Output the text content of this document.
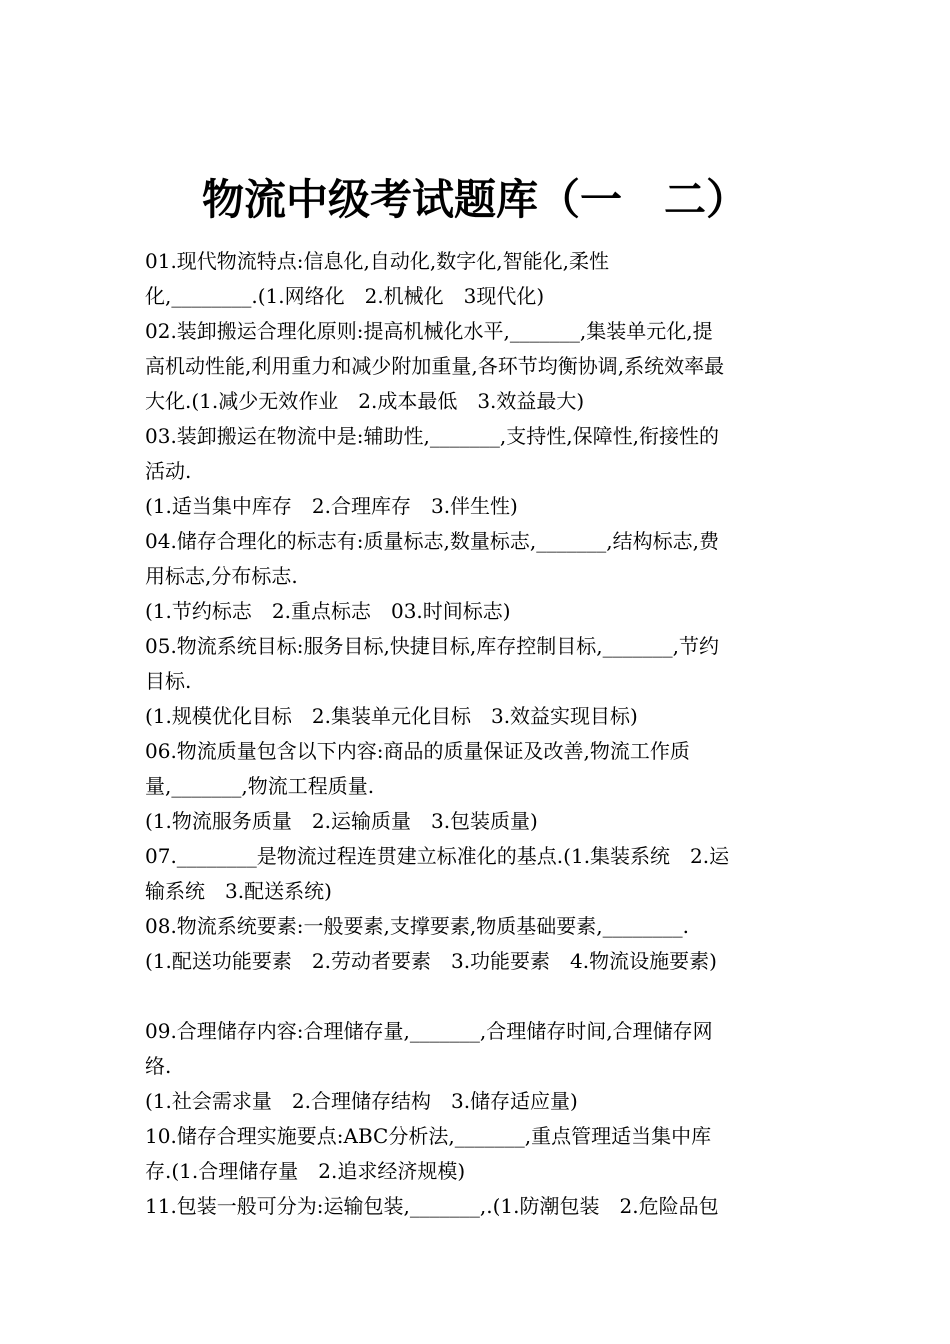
物流中级考试题库（一　二）
01.现代物流特点:信息化,自动化,数字化,智能化,柔性
化,________.(1.网络化　2.机械化　3现代化)
02.装卸搬运合理化原则:提高机械化水平,_______,集装单元化,提
高机动性能,利用重力和减少附加重量,各环节均衡协调,系统效率最
大化.(1.减少无效作业　2.成本最低　3.效益最大)
03.装卸搬运在物流中是:辅助性,_______,支持性,保障性,衔接性的
活动.
(1.适当集中库存　2.合理库存　3.伴生性)
04.储存合理化的标志有:质量标志,数量标志,_______,结构标志,费
用标志,分布标志.
(1.节约标志　2.重点标志　03.时间标志)
05.物流系统目标:服务目标,快捷目标,库存控制目标,_______,节约
目标.
(1.规模优化目标　2.集装单元化目标　3.效益实现目标)
06.物流质量包含以下内容:商品的质量保证及改善,物流工作质
量,_______,物流工程质量.
(1.物流服务质量　2.运输质量　3.包装质量)
07.________是物流过程连贯建立标准化的基点.(1.集装系统　2.运
输系统　3.配送系统)
08.物流系统要素:一般要素,支撑要素,物质基础要素,________.
(1.配送功能要素　2.劳动者要素　3.功能要素　4.物流设施要素)
09.合理储存内容:合理储存量,_______,合理储存时间,合理储存网
络.
(1.社会需求量　2.合理储存结构　3.储存适应量)
10.储存合理实施要点:ABC分析法,_______,重点管理适当集中库
存.(1.合理储存量　2.追求经济规模)
11.包装一般可分为:运输包装,_______,.(1.防潮包装　2.危险品包
